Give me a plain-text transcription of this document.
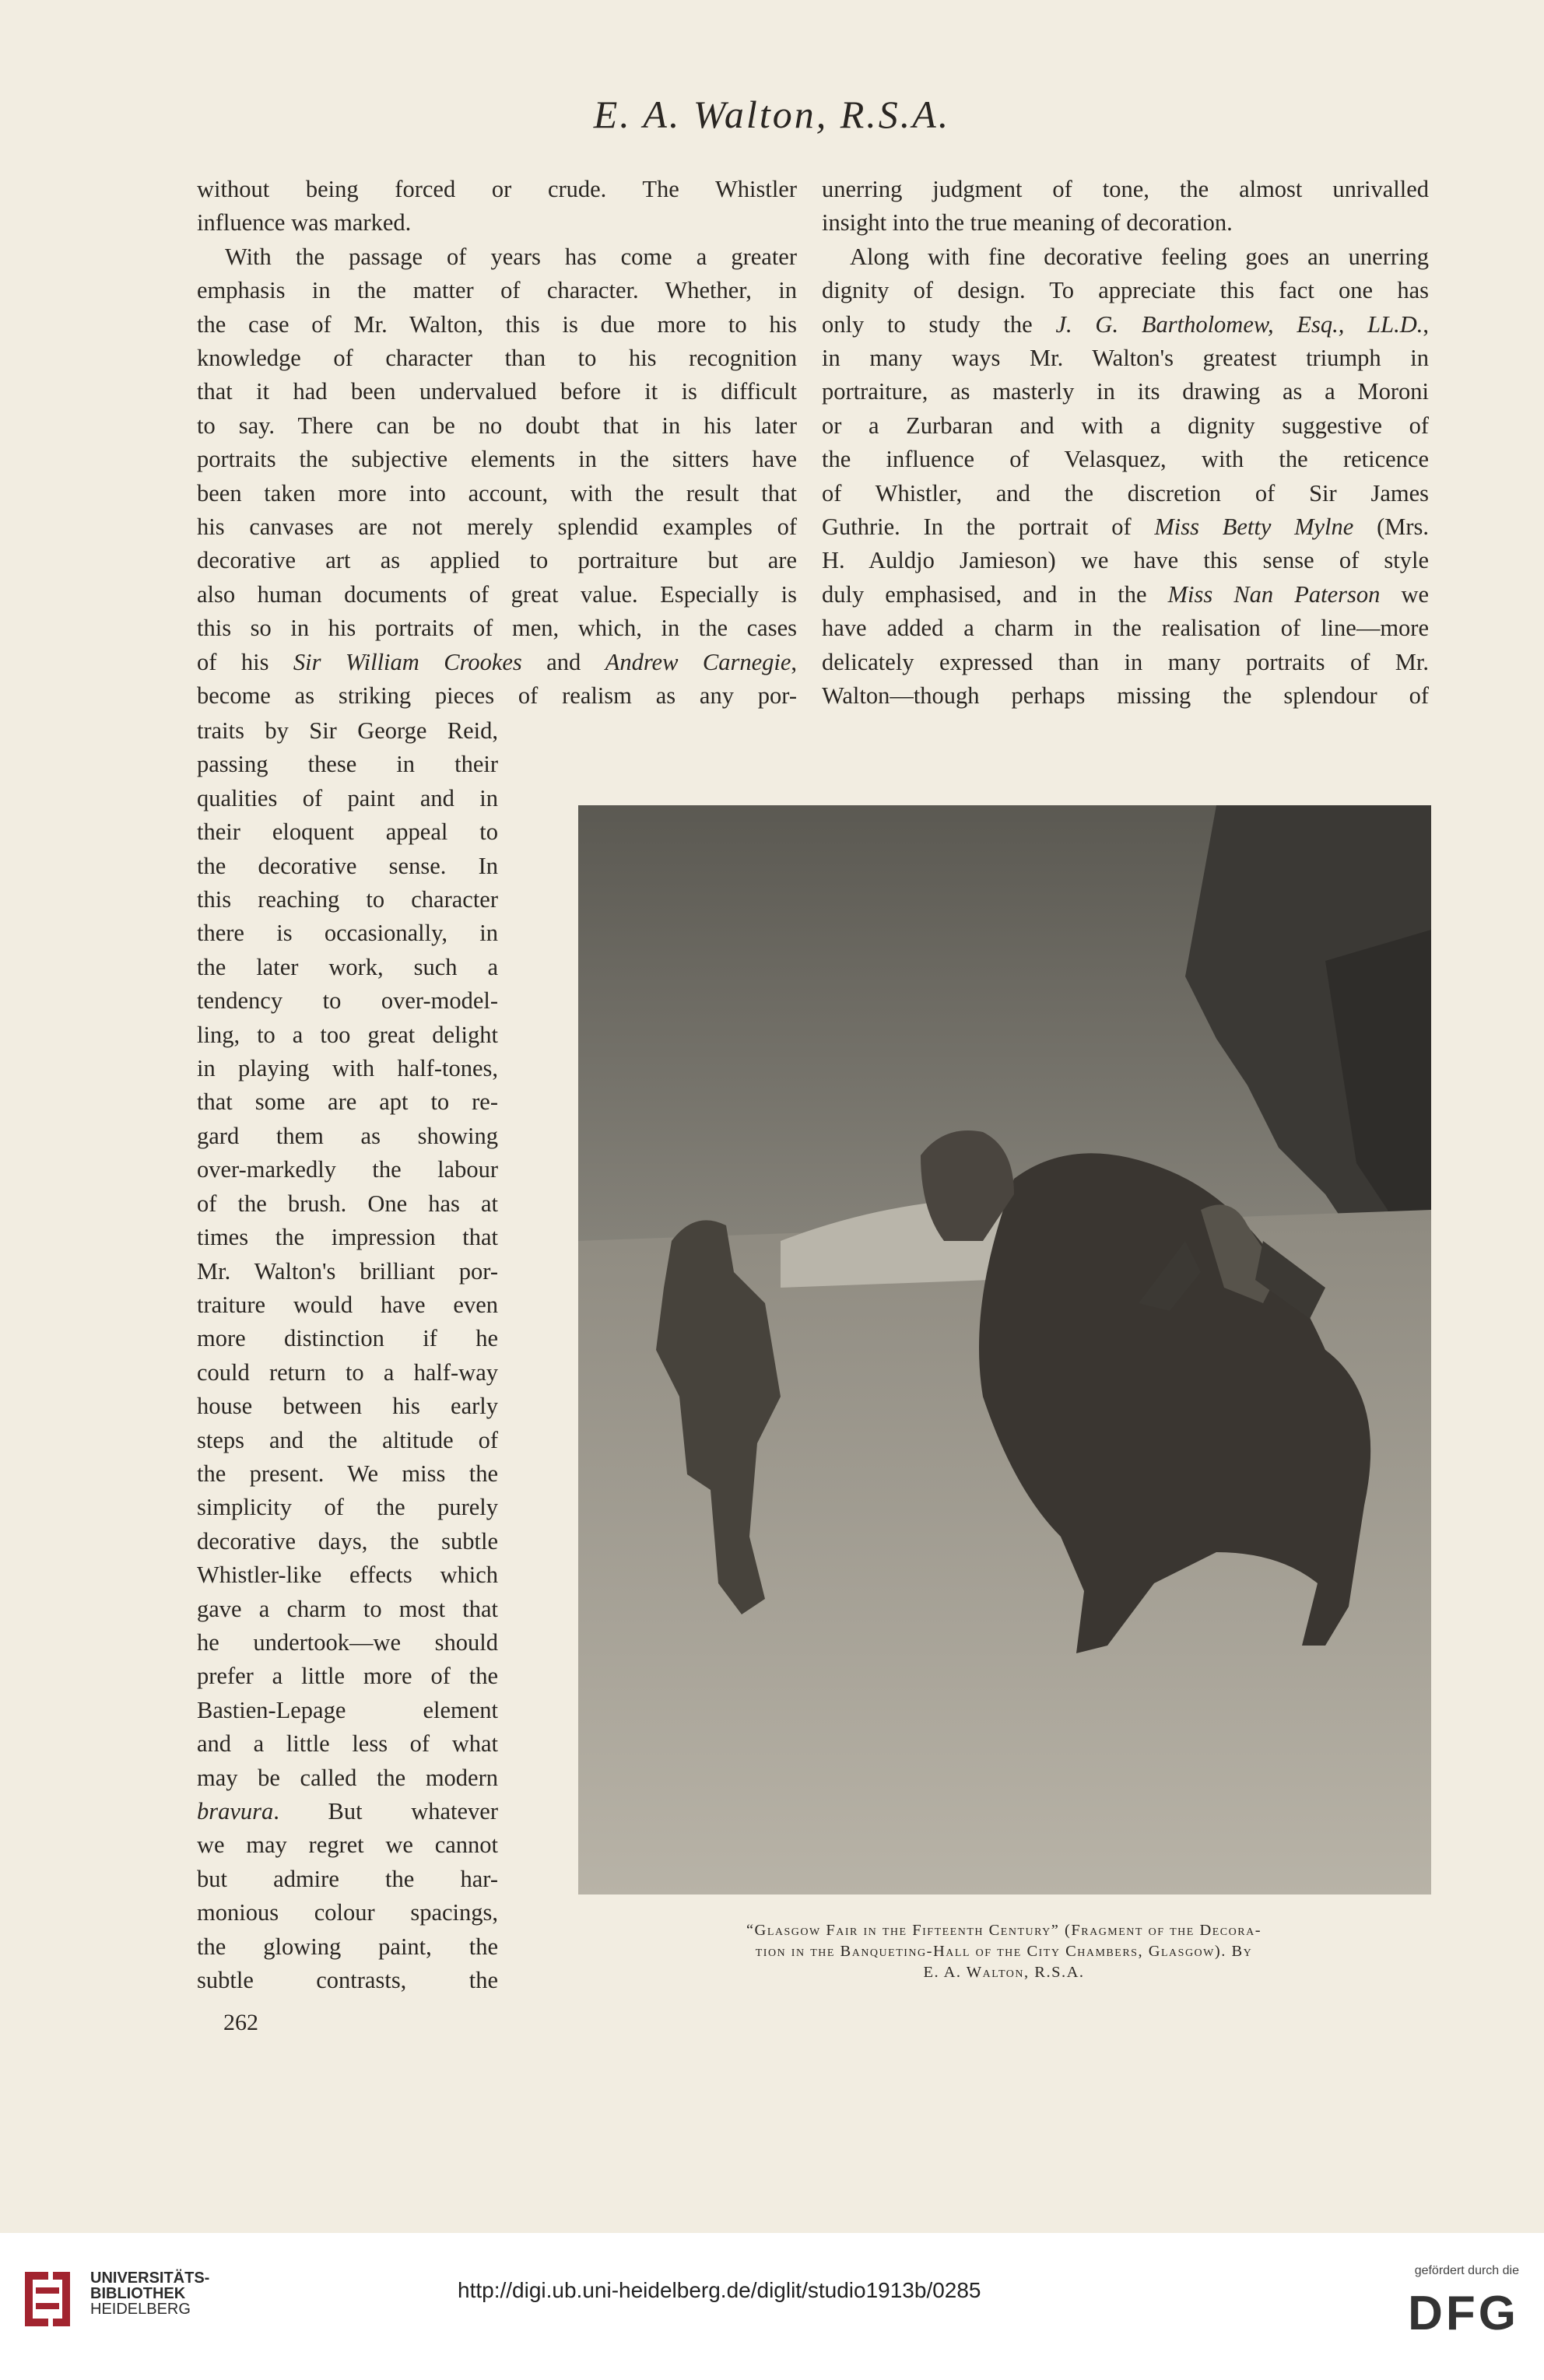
E. A. Walton, R.S.A.
without being forced or crude. The Whistler
influence was marked.
With the passage of years has come a greater
emphasis in the matter of character. Whether, in
the case of Mr. Walton, this is due more to his
knowledge of character than to his recognition
that it had been undervalued before it is difficult
to say. There can be no doubt that in his later
portraits the subjective elements in the sitters have
been taken more into account, with the result that
his canvases are not merely splendid examples of
decorative art as applied to portraiture but are
also human documents of great value. Especially is
this so in his portraits of men, which, in the cases
of his Sir William Crookes and Andrew Carnegie,
become as striking pieces of realism as any por-
unerring judgment of tone, the almost unrivalled
insight into the true meaning of decoration.
Along with fine decorative feeling goes an unerring
dignity of design. To appreciate this fact one has
only to study the J. G. Bartholomew, Esq., LL.D.,
in many ways Mr. Walton's greatest triumph in
portraiture, as masterly in its drawing as a Moroni
or a Zurbaran and with a dignity suggestive of
the influence of Velasquez, with the reticence
of Whistler, and the discretion of Sir James
Guthrie. In the portrait of Miss Betty Mylne (Mrs.
H. Auldjo Jamieson) we have this sense of style
duly emphasised, and in the Miss Nan Paterson we
have added a charm in the realisation of line—more
delicately expressed than in many portraits of Mr.
Walton—though perhaps missing the splendour of
traits by Sir George Reid,
passing these in their
qualities of paint and in
their eloquent appeal to
the decorative sense. In
this reaching to character
there is occasionally, in
the later work, such a
tendency to over-model-
ling, to a too great delight
in playing with half-tones,
that some are apt to re-
gard them as showing
over-markedly the labour
of the brush. One has at
times the impression that
Mr. Walton's brilliant por-
traiture would have even
more distinction if he
could return to a half-way
house between his early
steps and the altitude of
the present. We miss the
simplicity of the purely
decorative days, the subtle
Whistler-like effects which
gave a charm to most that
he undertook—we should
prefer a little more of the
Bastien-Lepage element
and a little less of what
may be called the modern
bravura. But whatever
we may regret we cannot
but admire the har-
monious colour spacings,
the glowing paint, the
subtle contrasts, the
“Glasgow Fair in the Fifteenth Century” (Fragment of the Decora-
tion in the Banqueting-Hall of the City Chambers, Glasgow). By
E. A. Walton, R.S.A.
262
UNIVERSITÄTS-
BIBLIOTHEK
HEIDELBERG
http://digi.ub.uni-heidelberg.de/diglit/studio1913b/0285
gefördert durch die
DFG
